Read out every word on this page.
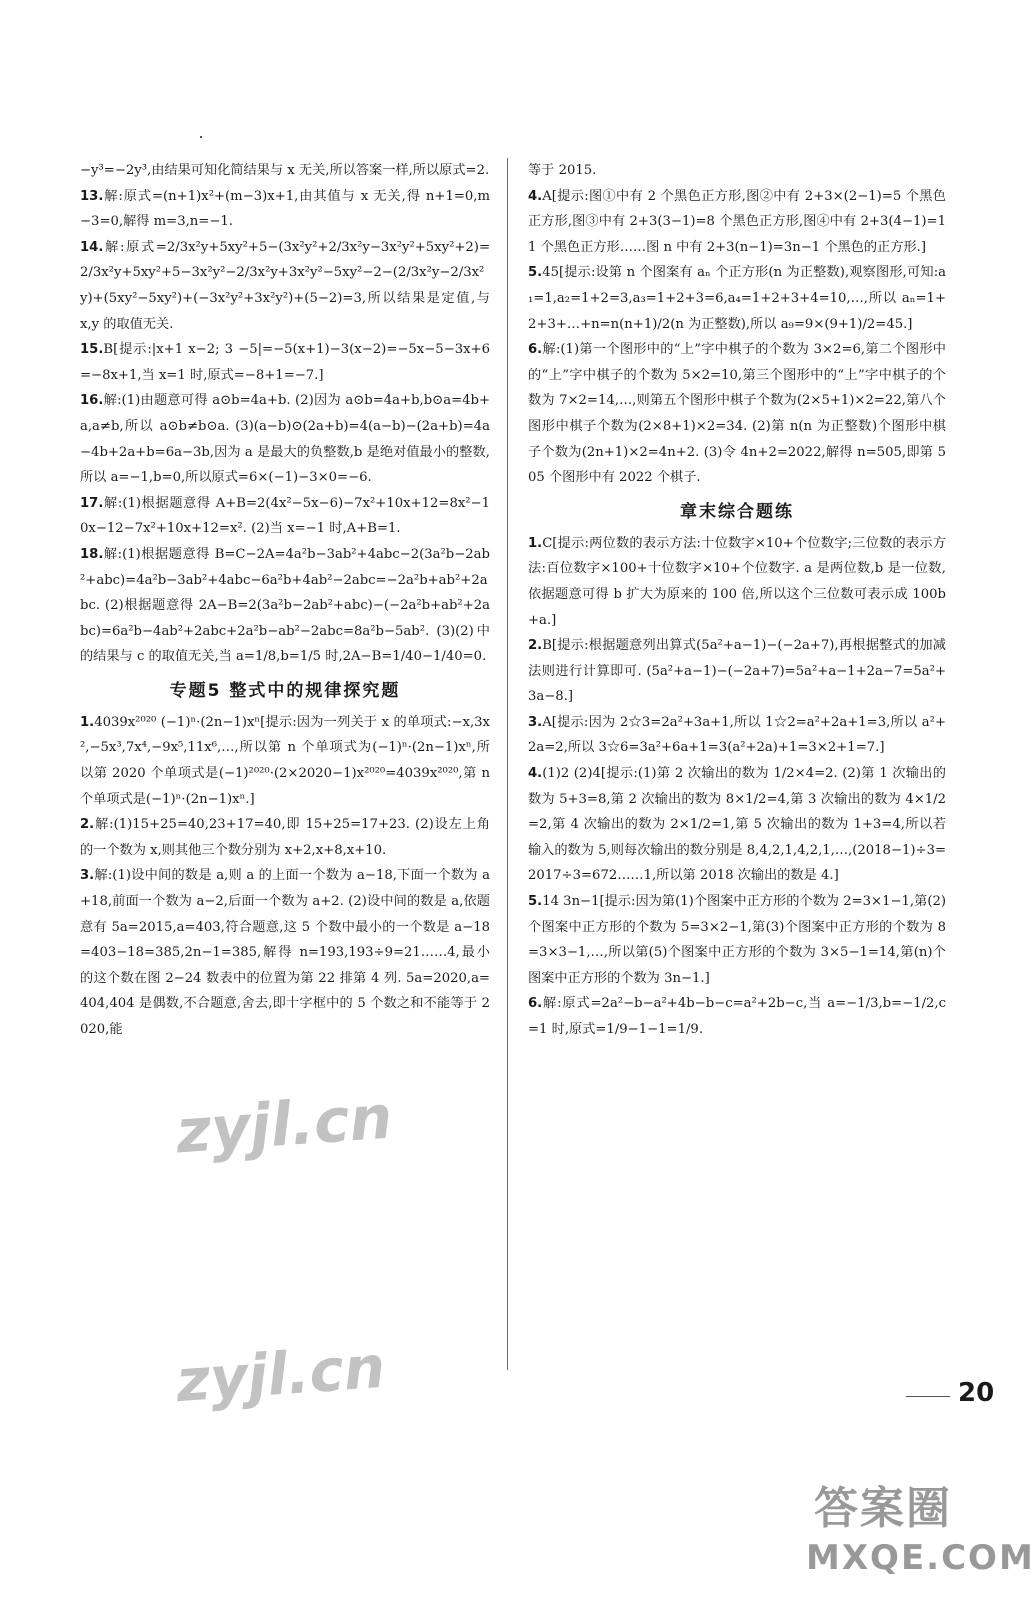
−y³=−2y³,由结果可知化简结果与 x 无关,所以答案一样,所以原式=2.
13.解:原式=(n+1)x²+(m−3)x+1,由其值与 x 无关,得 n+1=0,m−3=0,解得 m=3,n=−1.
14.解:原式=2/3x²y+5xy²+5−(3x²y²+2/3x²y−3x²y²+5xy²+2)=2/3x²y+5xy²+5−3x²y²−2/3x²y+3x²y²−5xy²−2−(2/3x²y−2/3x²y)+(5xy²−5xy²)+(−3x²y²+3x²y²)+(5−2)=3,所以结果是定值,与 x,y 的取值无关.
15.B[提示:|x+1 x−2; 3 −5|=−5(x+1)−3(x−2)=−5x−5−3x+6=−8x+1,当 x=1 时,原式=−8+1=−7.]
16.解:(1)由题意可得 a⊙b=4a+b. (2)因为 a⊙b=4a+b,b⊙a=4b+a,a≠b,所以 a⊙b≠b⊙a. (3)(a−b)⊙(2a+b)=4(a−b)−(2a+b)=4a−4b+2a+b=6a−3b,因为 a 是最大的负整数,b 是绝对值最小的整数,所以 a=−1,b=0,所以原式=6×(−1)−3×0=−6.
17.解:(1)根据题意得 A+B=2(4x²−5x−6)−7x²+10x+12=8x²−10x−12−7x²+10x+12=x². (2)当 x=−1 时,A+B=1.
18.解:(1)根据题意得 B=C−2A=4a²b−3ab²+4abc−2(3a²b−2ab²+abc)=4a²b−3ab²+4abc−6a²b+4ab²−2abc=−2a²b+ab²+2abc. (2)根据题意得 2A−B=2(3a²b−2ab²+abc)−(−2a²b+ab²+2abc)=6a²b−4ab²+2abc+2a²b−ab²−2abc=8a²b−5ab². (3)(2)中的结果与 c 的取值无关,当 a=1/8,b=1/5 时,2A−B=1/40−1/40=0.
专题5 整式中的规律探究题
1.4039x²⁰²⁰ (−1)ⁿ·(2n−1)xⁿ[提示:因为一列关于 x 的单项式:−x,3x²,−5x³,7x⁴,−9x⁵,11x⁶,…,所以第 n 个单项式为(−1)ⁿ·(2n−1)xⁿ,所以第 2020 个单项式是(−1)²⁰²⁰·(2×2020−1)x²⁰²⁰=4039x²⁰²⁰,第 n 个单项式是(−1)ⁿ·(2n−1)xⁿ.]
2.解:(1)15+25=40,23+17=40,即 15+25=17+23. (2)设左上角的一个数为 x,则其他三个数分别为 x+2,x+8,x+10.
3.解:(1)设中间的数是 a,则 a 的上面一个数为 a−18,下面一个数为 a+18,前面一个数为 a−2,后面一个数为 a+2. (2)设中间的数是 a,依题意有 5a=2015,a=403,符合题意,这 5 个数中最小的一个数是 a−18=403−18=385,2n−1=385,解得 n=193,193÷9=21……4,最小的这个数在图 2−24 数表中的位置为第 22 排第 4 列. 5a=2020,a=404,404 是偶数,不合题意,舍去,即十字框中的 5 个数之和不能等于 2020,能
等于 2015.
4.A[提示:图①中有 2 个黑色正方形,图②中有 2+3×(2−1)=5 个黑色正方形,图③中有 2+3(3−1)=8 个黑色正方形,图④中有 2+3(4−1)=11 个黑色正方形……图 n 中有 2+3(n−1)=3n−1 个黑色的正方形.]
5.45[提示:设第 n 个图案有 aₙ 个正方形(n 为正整数),观察图形,可知:a₁=1,a₂=1+2=3,a₃=1+2+3=6,a₄=1+2+3+4=10,…,所以 aₙ=1+2+3+…+n=n(n+1)/2(n 为正整数),所以 a₉=9×(9+1)/2=45.]
6.解:(1)第一个图形中的“上”字中棋子的个数为 3×2=6,第二个图形中的“上”字中棋子的个数为 5×2=10,第三个图形中的“上”字中棋子的个数为 7×2=14,…,则第五个图形中棋子个数为(2×5+1)×2=22,第八个图形中棋子个数为(2×8+1)×2=34. (2)第 n(n 为正整数)个图形中棋子个数为(2n+1)×2=4n+2. (3)令 4n+2=2022,解得 n=505,即第 505 个图形中有 2022 个棋子.
章末综合题练
1.C[提示:两位数的表示方法:十位数字×10+个位数字;三位数的表示方法:百位数字×100+十位数字×10+个位数字. a 是两位数,b 是一位数,依据题意可得 b 扩大为原来的 100 倍,所以这个三位数可表示成 100b+a.]
2.B[提示:根据题意列出算式(5a²+a−1)−(−2a+7),再根据整式的加减法则进行计算即可. (5a²+a−1)−(−2a+7)=5a²+a−1+2a−7=5a²+3a−8.]
3.A[提示:因为 2☆3=2a²+3a+1,所以 1☆2=a²+2a+1=3,所以 a²+2a=2,所以 3☆6=3a²+6a+1=3(a²+2a)+1=3×2+1=7.]
4.(1)2 (2)4[提示:(1)第 2 次输出的数为 1/2×4=2. (2)第 1 次输出的数为 5+3=8,第 2 次输出的数为 8×1/2=4,第 3 次输出的数为 4×1/2=2,第 4 次输出的数为 2×1/2=1,第 5 次输出的数为 1+3=4,所以若输入的数为 5,则每次输出的数分别是 8,4,2,1,4,2,1,…,(2018−1)÷3=2017÷3=672……1,所以第 2018 次输出的数是 4.]
5.14 3n−1[提示:因为第(1)个图案中正方形的个数为 2=3×1−1,第(2)个图案中正方形的个数为 5=3×2−1,第(3)个图案中正方形的个数为 8=3×3−1,…,所以第(5)个图案中正方形的个数为 3×5−1=14,第(n)个图案中正方形的个数为 3n−1.]
6.解:原式=2a²−b−a²+4b−b−c=a²+2b−c,当 a=−1/3,b=−1/2,c=1 时,原式=1/9−1−1=1/9.
20
zyjl.cn
zyjl.cn
答案圈
MXQE.COM
